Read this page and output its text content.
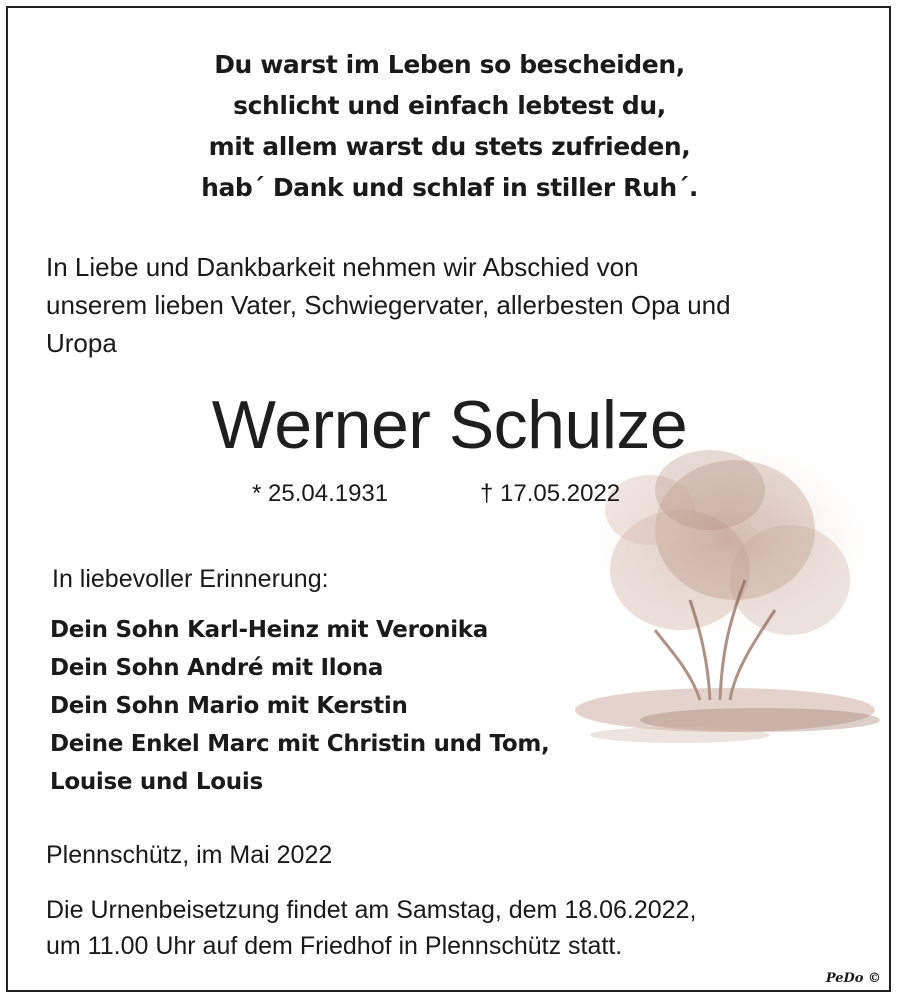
Du warst im Leben so bescheiden,
schlicht und einfach lebtest du,
mit allem warst du stets zufrieden,
hab´ Dank und schlaf in stiller Ruh´.
In Liebe und Dankbarkeit nehmen wir Abschied von
unserem lieben Vater, Schwiegervater, allerbesten Opa und
Uropa
Werner Schulze
* 25.04.1931	† 17.05.2022
In liebevoller Erinnerung:
Dein Sohn Karl-Heinz mit Veronika
Dein Sohn André mit Ilona
Dein Sohn Mario mit Kerstin
Deine Enkel Marc mit Christin und Tom,
Louise und Louis
Plennschütz, im Mai 2022
Die Urnenbeisetzung findet am Samstag, dem 18.06.2022,
um 11.00 Uhr auf dem Friedhof in Plennschütz statt.
PeDo ©
